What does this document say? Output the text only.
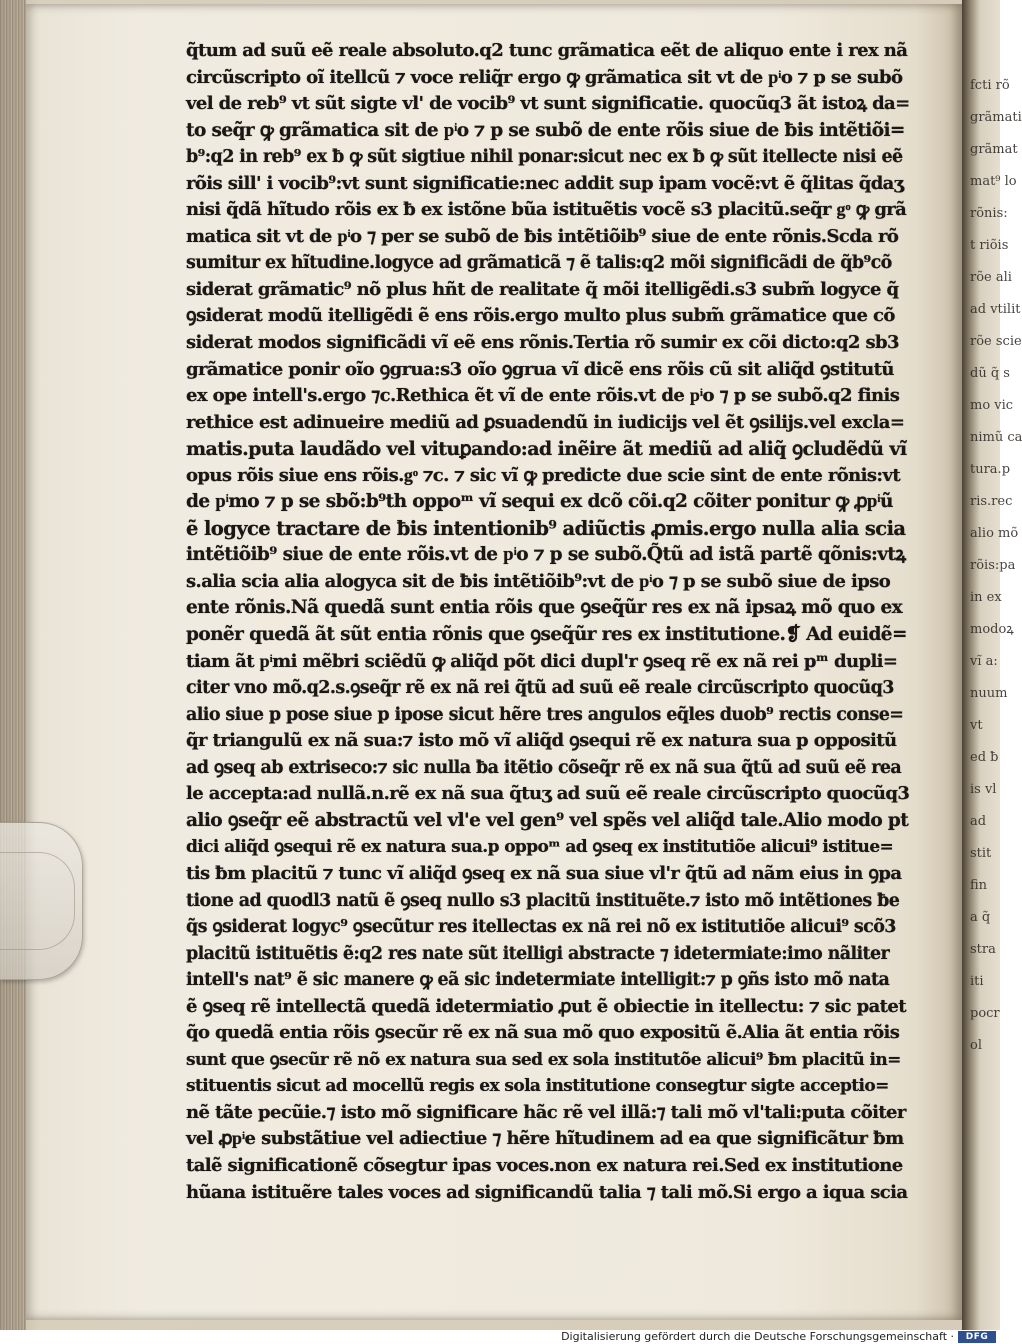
fcti rõ
grãmati
grãmat
mat⁹ lo
rõnis:
t riõis
rõe ali
ad vtilit
rõe scie
dũ q̃ s
mo vic
nimũ ca
tura.p
ris.rec
alio mõ
rõis:pa
in ex
modoꝝ
vĩ a:
nuum
vt
ed ƀ
is vl
ad
stit
fin
a q̃
stra
iti
pocr
ol
q̃tum ad suũ eẽ reale absoluto.q2 tunc grãmatica eẽt de aliquo ente i rex nã
circũscripto oĩ itellcũ ⁊ voce reliq̃r ergo ꝙ grãmatica sit vt de pͥo ⁊ p se subõ
vel de reb⁹ vt sũt sigte vl' de vocib⁹ vt sunt significatie. quocũq3 ãt istoꝝ da=
to seq̃r ꝙ grãmatica sit de pͥo ⁊ p se subõ de ente rõis siue de ƀis intẽtiõi=
b⁹:q2 in reb⁹ ex ƀ ꝙ sũt sigtiue nihil ponar:sicut nec ex ƀ ꝙ sũt itellecte nisi eẽ
rõis sill' i vocib⁹:vt sunt significatie:nec addit sup ipam vocẽ:vt ẽ q̃litas q̃daʒ
nisi q̃dã hĩtudo rõis ex ƀ ex istõne bũa istituẽtis vocẽ s3 placitũ.seq̃r gͦ ꝙ grã
matica sit vt de pͥo ⁊ per se subõ de ƀis intẽtiõib⁹ siue de ente rõnis.Scda rõ
sumitur ex hĩtudine.logyce ad grãmaticã ⁊ ẽ talis:q2 mõi significãdi de q̃b⁹cõ
siderat grãmatic⁹ nõ plus hñt de realitate q̃ mõi itelligẽdi.s3 subm̃ logyce q̃
ꝯsiderat modũ itelligẽdi ẽ ens rõis.ergo multo plus subm̃ grãmatice que cõ
siderat modos significãdi vĩ eẽ ens rõnis.Tertia rõ sumir ex cõi dicto:q2 sb3
grãmatice ponir oĩo ꝯgrua:s3 oĩo ꝯgrua vĩ dicẽ ens rõis cũ sit aliq̃d ꝯstitutũ
ex ope intell's.ergo ⁊c.Rethica ẽt vĩ de ente rõis.vt de pͥo ⁊ p se subõ.q2 finis
rethice est adinueire mediũ ad ꝑsuadendũ in iudicijs vel ẽt ꝯsilijs.vel excla=
matis.puta laudãdo vel vituꝑando:ad inẽire ãt mediũ ad aliq̃ ꝯcludẽdũ vĩ
opus rõis siue ens rõis.gͦ ⁊c. ⁊ sic vĩ ꝙ predicte due scie sint de ente rõnis:vt
de pͥmo ⁊ p se sbõ:b⁹th oppoᵐ vĩ sequi ex dcõ cõi.q2 cõiter ponitur ꝙ ꝓpͥũ
ẽ logyce tractare de ƀis intentionib⁹ adiũctis ꝓmis.ergo nulla alia scia
intẽtiõib⁹ siue de ente rõis.vt de pͥo ⁊ p se subõ.Q̃tũ ad istã partẽ qõnis:vtꝝ
s.alia scia alia alogyca sit de ƀis intẽtiõib⁹:vt de pͥo ⁊ p se subõ siue de ipso
ente rõnis.Nã quedã sunt entia rõis que ꝯseq̃ũr res ex nã ipsaꝝ mõ quo ex
ponẽr quedã ãt sũt entia rõnis que ꝯseq̃ũr res ex institutione.❡ Ad euidẽ=
tiam ãt pͥmi mẽbri sciẽdũ ꝙ aliq̃d põt dici dupl'r ꝯseq rẽ ex nã rei pᵐ dupli=
citer vno mõ.q2.s.ꝯseq̃r rẽ ex nã rei q̃tũ ad suũ eẽ reale circũscripto quocũq3
alio siue p pose siue p ipose sicut hẽre tres angulos eq̃les duob⁹ rectis conse=
q̃r triangulũ ex nã sua:⁊ isto mõ vĩ aliq̃d ꝯsequi rẽ ex natura sua p oppositũ
ad ꝯseq ab extriseco:⁊ sic nulla ƀa itẽtio cõseq̃r rẽ ex nã sua q̃tũ ad suũ eẽ rea
le accepta:ad nullã.n.rẽ ex nã sua q̃tuʒ ad suũ eẽ reale circũscripto quocũq3
alio ꝯseq̃r eẽ abstractũ vel vl'e vel gen⁹ vel spẽs vel aliq̃d tale.Alio modo pt
dici aliq̃d ꝯsequi rẽ ex natura sua.p oppoᵐ ad ꝯseq ex institutiõe alicui⁹ istitue=
tis ƀm placitũ ⁊ tunc vĩ aliq̃d ꝯseq ex nã sua siue vl'r q̃tũ ad nãm eius in ꝯpa
tione ad quodl3 natũ ẽ ꝯseq nullo s3 placitũ instituẽte.⁊ isto mõ intẽtiones ƀe
q̃s ꝯsiderat logyc⁹ ꝯsecũtur res itellectas ex nã rei nõ ex istitutiõe alicui⁹ scõ3
placitũ istituẽtis ẽ:q2 res nate sũt itelligi abstracte ⁊ idetermiate:imo nãliter
intell's nat⁹ ẽ sic manere ꝙ eã sic indetermiate intelligit:⁊ p ꝯñs isto mõ nata
ẽ ꝯseq rẽ intellectã quedã idetermiatio ꝓut ẽ obiectie in itellectu: ⁊ sic patet
q̃o quedã entia rõis ꝯsecũr rẽ ex nã sua mõ quo expositũ ẽ.Alia ãt entia rõis
sunt que ꝯsecũr rẽ nõ ex natura sua sed ex sola institutõe alicui⁹ ƀm placitũ in=
stituentis sicut ad mocellũ regis ex sola institutione consegtur sigte acceptio=
nẽ tãte pecũie.⁊ isto mõ significare hãc rẽ vel illã:⁊ tali mõ vl'tali:puta cõiter
vel ꝓpͥe substãtiue vel adiectiue ⁊ hẽre hĩtudinem ad ea que significãtur ƀm
talẽ significationẽ cõsegtur ipas voces.non ex natura rei.Sed ex institutione
hũana istituẽre tales voces ad significandũ talia ⁊ tali mõ.Si ergo a iqua scia
Digitalisierung gefördert durch die Deutsche Forschungsgemeinschaft ·	DFG
